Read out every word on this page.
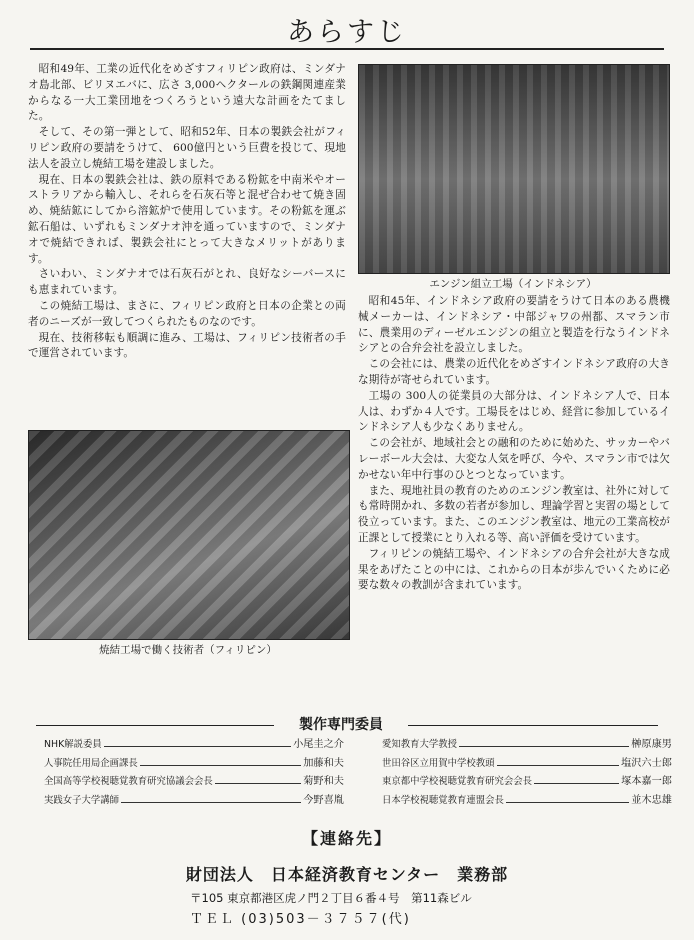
あらすじ

昭和49年、工業の近代化をめざすフィリピン政府は、ミンダナオ島北部、ビリヌエバに、広さ 3,000ヘクタールの鉄鋼関連産業からなる一大工業団地をつくろうという遠大な計画をたてました。

そして、その第一弾として、昭和52年、日本の製鉄会社がフィリピン政府の要請をうけて、 600億円という巨費を投じて、現地法人を設立し焼結工場を建設しました。

現在、日本の製鉄会社は、鉄の原料である粉鉱を中南米やオーストラリアから輸入し、それらを石灰石等と混ぜ合わせて焼き固め、焼結鉱にしてから溶鉱炉で使用しています。その粉鉱を運ぶ鉱石船は、いずれもミンダナオ沖を通っていますので、ミンダナオで焼結できれば、製鉄会社にとって大きなメリットがあります。

さいわい、ミンダナオでは石灰石がとれ、良好なシーバースにも恵まれています。

この焼結工場は、まさに、フィリピン政府と日本の企業との両者のニーズが一致してつくられたものなのです。

現在、技術移転も順調に進み、工場は、フィリピン技術者の手で運営されています。

エンジン組立工場（インドネシア）

昭和45年、インドネシア政府の要請をうけて日本のある農機械メーカーは、インドネシア・中部ジャワの州都、スマラン市に、農業用のディーゼルエンジンの組立と製造を行なうインドネシアとの合弁会社を設立しました。

この会社には、農業の近代化をめざすインドネシア政府の大きな期待が寄せられています。

工場の 300人の従業員の大部分は、インドネシア人で、日本人は、わずか４人です。工場長をはじめ、経営に参加しているインドネシア人も少なくありません。

この会社が、地域社会との融和のために始めた、サッカーやバレーボール大会は、大変な人気を呼び、今や、スマラン市では欠かせない年中行事のひとつとなっています。

また、現地社員の教育のためのエンジン教室は、社外に対しても常時開かれ、多数の若者が参加し、理論学習と実習の場として役立っています。また、このエンジン教室は、地元の工業高校が正課として授業にとり入れる等、高い評価を受けています。

フィリピンの焼結工場や、インドネシアの合弁会社が大きな成果をあげたことの中には、これからの日本が歩んでいくために必要な数々の教訓が含まれています。

焼結工場で働く技術者（フィリピン）
製作専門委員
NHK解説委員	小尾圭之介
人事院任用局企画課長	加藤和夫
全国高等学校視聴覚教育研究協議会会長	菊野和夫
実践女子大学講師	今野喜胤
愛知教育大学教授	榊原康男
世田谷区立用賀中学校教頭	塩沢六士郎
東京都中学校視聴覚教育研究会会長	塚本嘉一郎
日本学校視聴覚教育連盟会長	並木忠雄
【連絡先】
財団法人　日本経済教育センター　業務部
〒105 東京都港区虎ノ門２丁目６番４号　第11森ビル
ＴＥＬ (03)503－３７５７(代)
